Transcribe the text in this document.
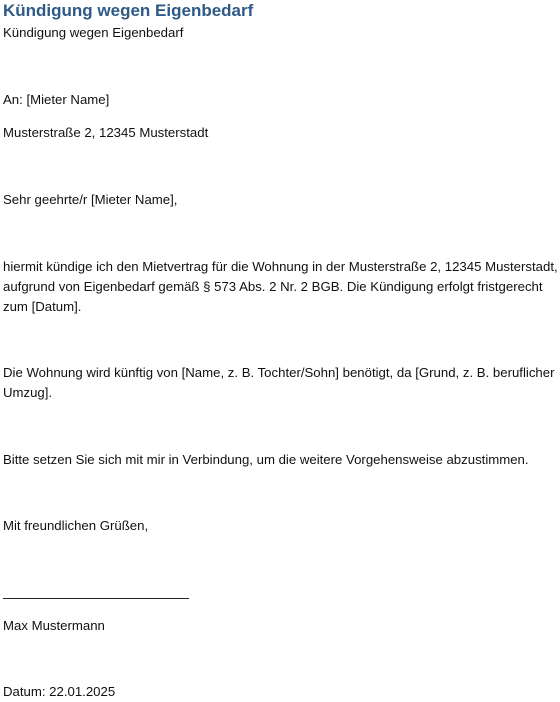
Kündigung wegen Eigenbedarf

Kündigung wegen Eigenbedarf

An: [Mieter Name]

Musterstraße 2, 12345 Musterstadt

Sehr geehrte/r [Mieter Name],

hiermit kündige ich den Mietvertrag für die Wohnung in der Musterstraße 2, 12345 Musterstadt, aufgrund von Eigenbedarf gemäß § 573 Abs. 2 Nr. 2 BGB. Die Kündigung erfolgt fristgerecht zum [Datum].

Die Wohnung wird künftig von [Name, z. B. Tochter/Sohn] benötigt, da [Grund, z. B. beruflicher Umzug].

Bitte setzen Sie sich mit mir in Verbindung, um die weitere Vorgehensweise abzustimmen.

Mit freundlichen Grüßen,

Max Mustermann

Datum: 22.01.2025
